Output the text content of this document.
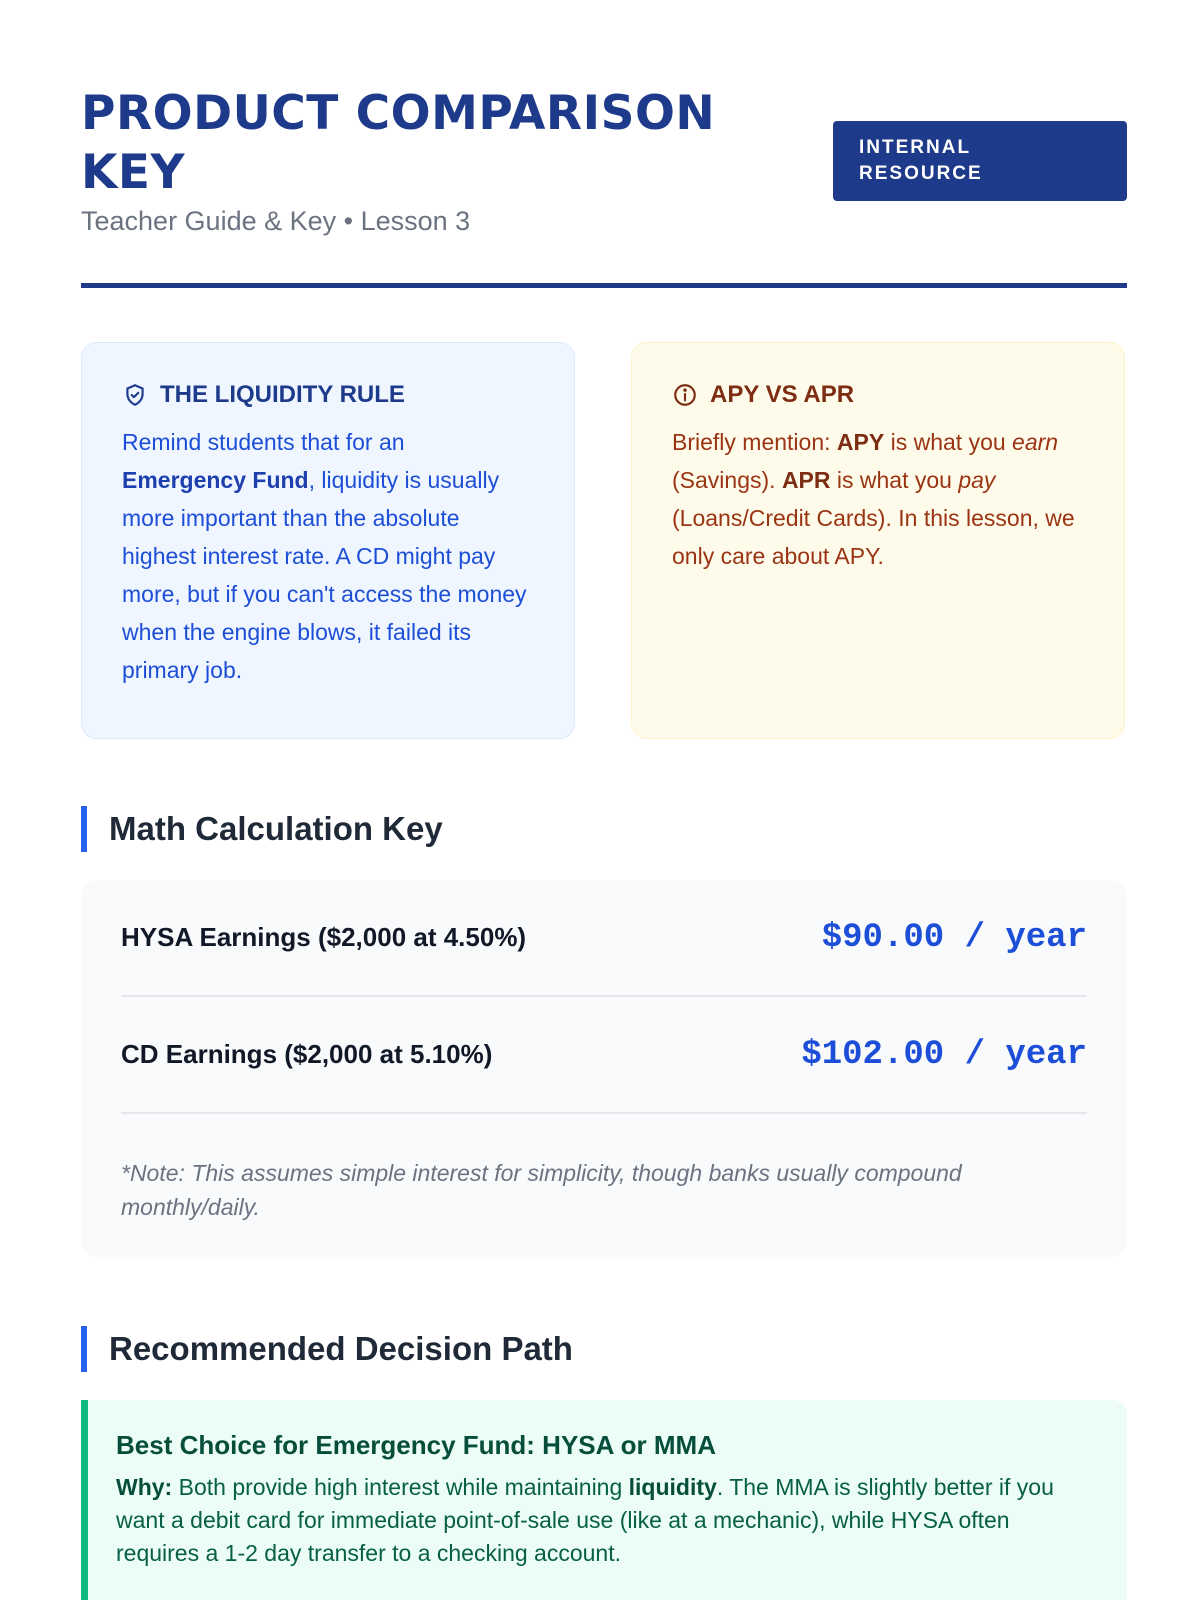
PRODUCT COMPARISON KEY
Teacher Guide & Key • Lesson 3
INTERNAL RESOURCE
THE LIQUIDITY RULE
Remind students that for an Emergency Fund, liquidity is usually more important than the absolute highest interest rate. A CD might pay more, but if you can't access the money when the engine blows, it failed its primary job.
APY VS APR
Briefly mention: APY is what you earn (Savings). APR is what you pay (Loans/Credit Cards). In this lesson, we only care about APY.
Math Calculation Key
HYSA Earnings ($2,000 at 4.50%)	$90.00 / year
CD Earnings ($2,000 at 5.10%)	$102.00 / year
*Note: This assumes simple interest for simplicity, though banks usually compound monthly/daily.
Recommended Decision Path
Best Choice for Emergency Fund: HYSA or MMA
Why: Both provide high interest while maintaining liquidity. The MMA is slightly better if you want a debit card for immediate point-of-sale use (like at a mechanic), while HYSA often requires a 1-2 day transfer to a checking account.
